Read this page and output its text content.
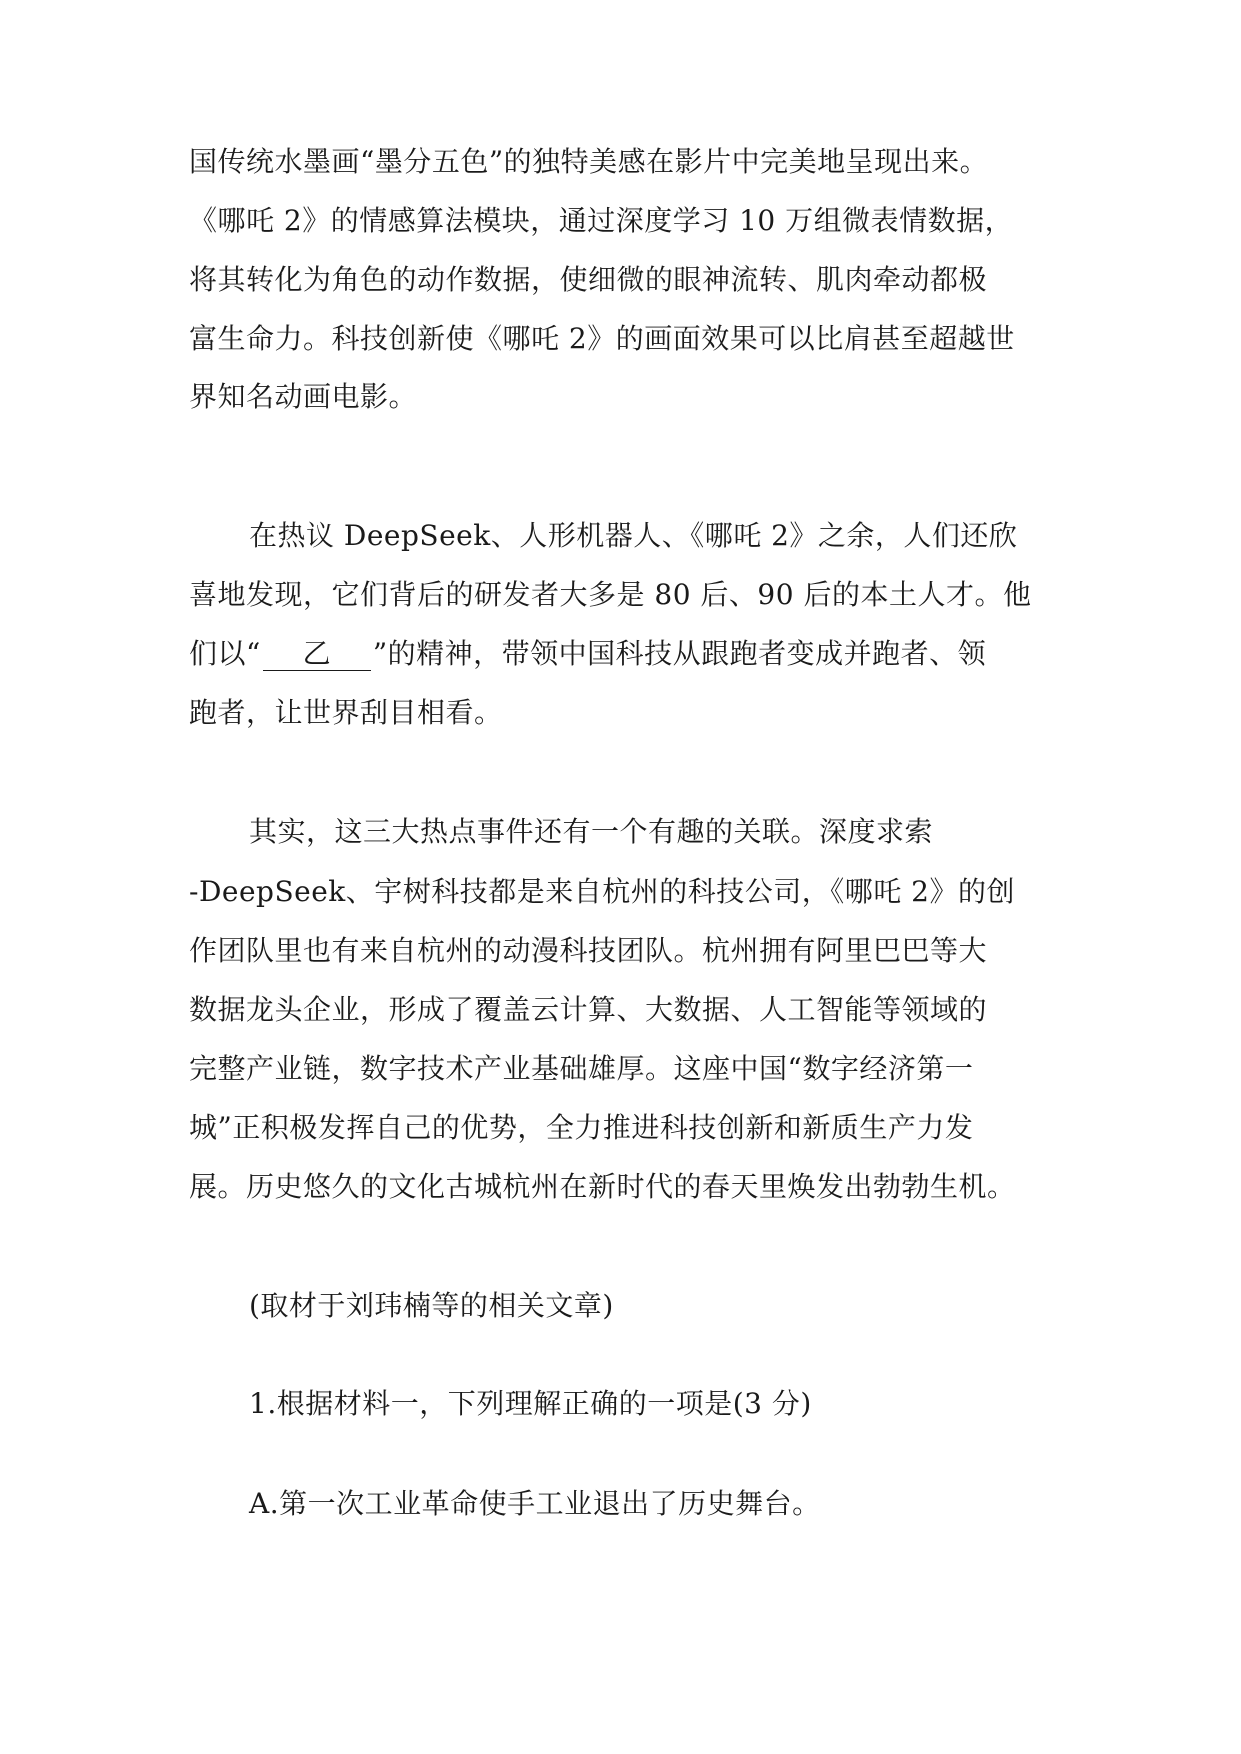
国传统水墨画“墨分五色”的独特美感在影片中完美地呈现出来。
《哪吒 2》的情感算法模块，通过深度学习 10 万组微表情数据，
将其转化为角色的动作数据，使细微的眼神流转、肌肉牵动都极
富生命力。科技创新使《哪吒 2》的画面效果可以比肩甚至超越世
界知名动画电影。
在热议 DeepSeek、人形机器人、《哪吒 2》之余，人们还欣
喜地发现，它们背后的研发者大多是 80 后、90 后的本土人才。他
们以“ 乙 ”的精神，带领中国科技从跟跑者变成并跑者、领
跑者，让世界刮目相看。
其实，这三大热点事件还有一个有趣的关联。深度求索
-DeepSeek、宇树科技都是来自杭州的科技公司，《哪吒 2》的创
作团队里也有来自杭州的动漫科技团队。杭州拥有阿里巴巴等大
数据龙头企业，形成了覆盖云计算、大数据、人工智能等领域的
完整产业链，数字技术产业基础雄厚。这座中国“数字经济第一
城”正积极发挥自己的优势，全力推进科技创新和新质生产力发
展。历史悠久的文化古城杭州在新时代的春天里焕发出勃勃生机。
(取材于刘玮楠等的相关文章)
1.根据材料一，下列理解正确的一项是(3 分)
A.第一次工业革命使手工业退出了历史舞台。
